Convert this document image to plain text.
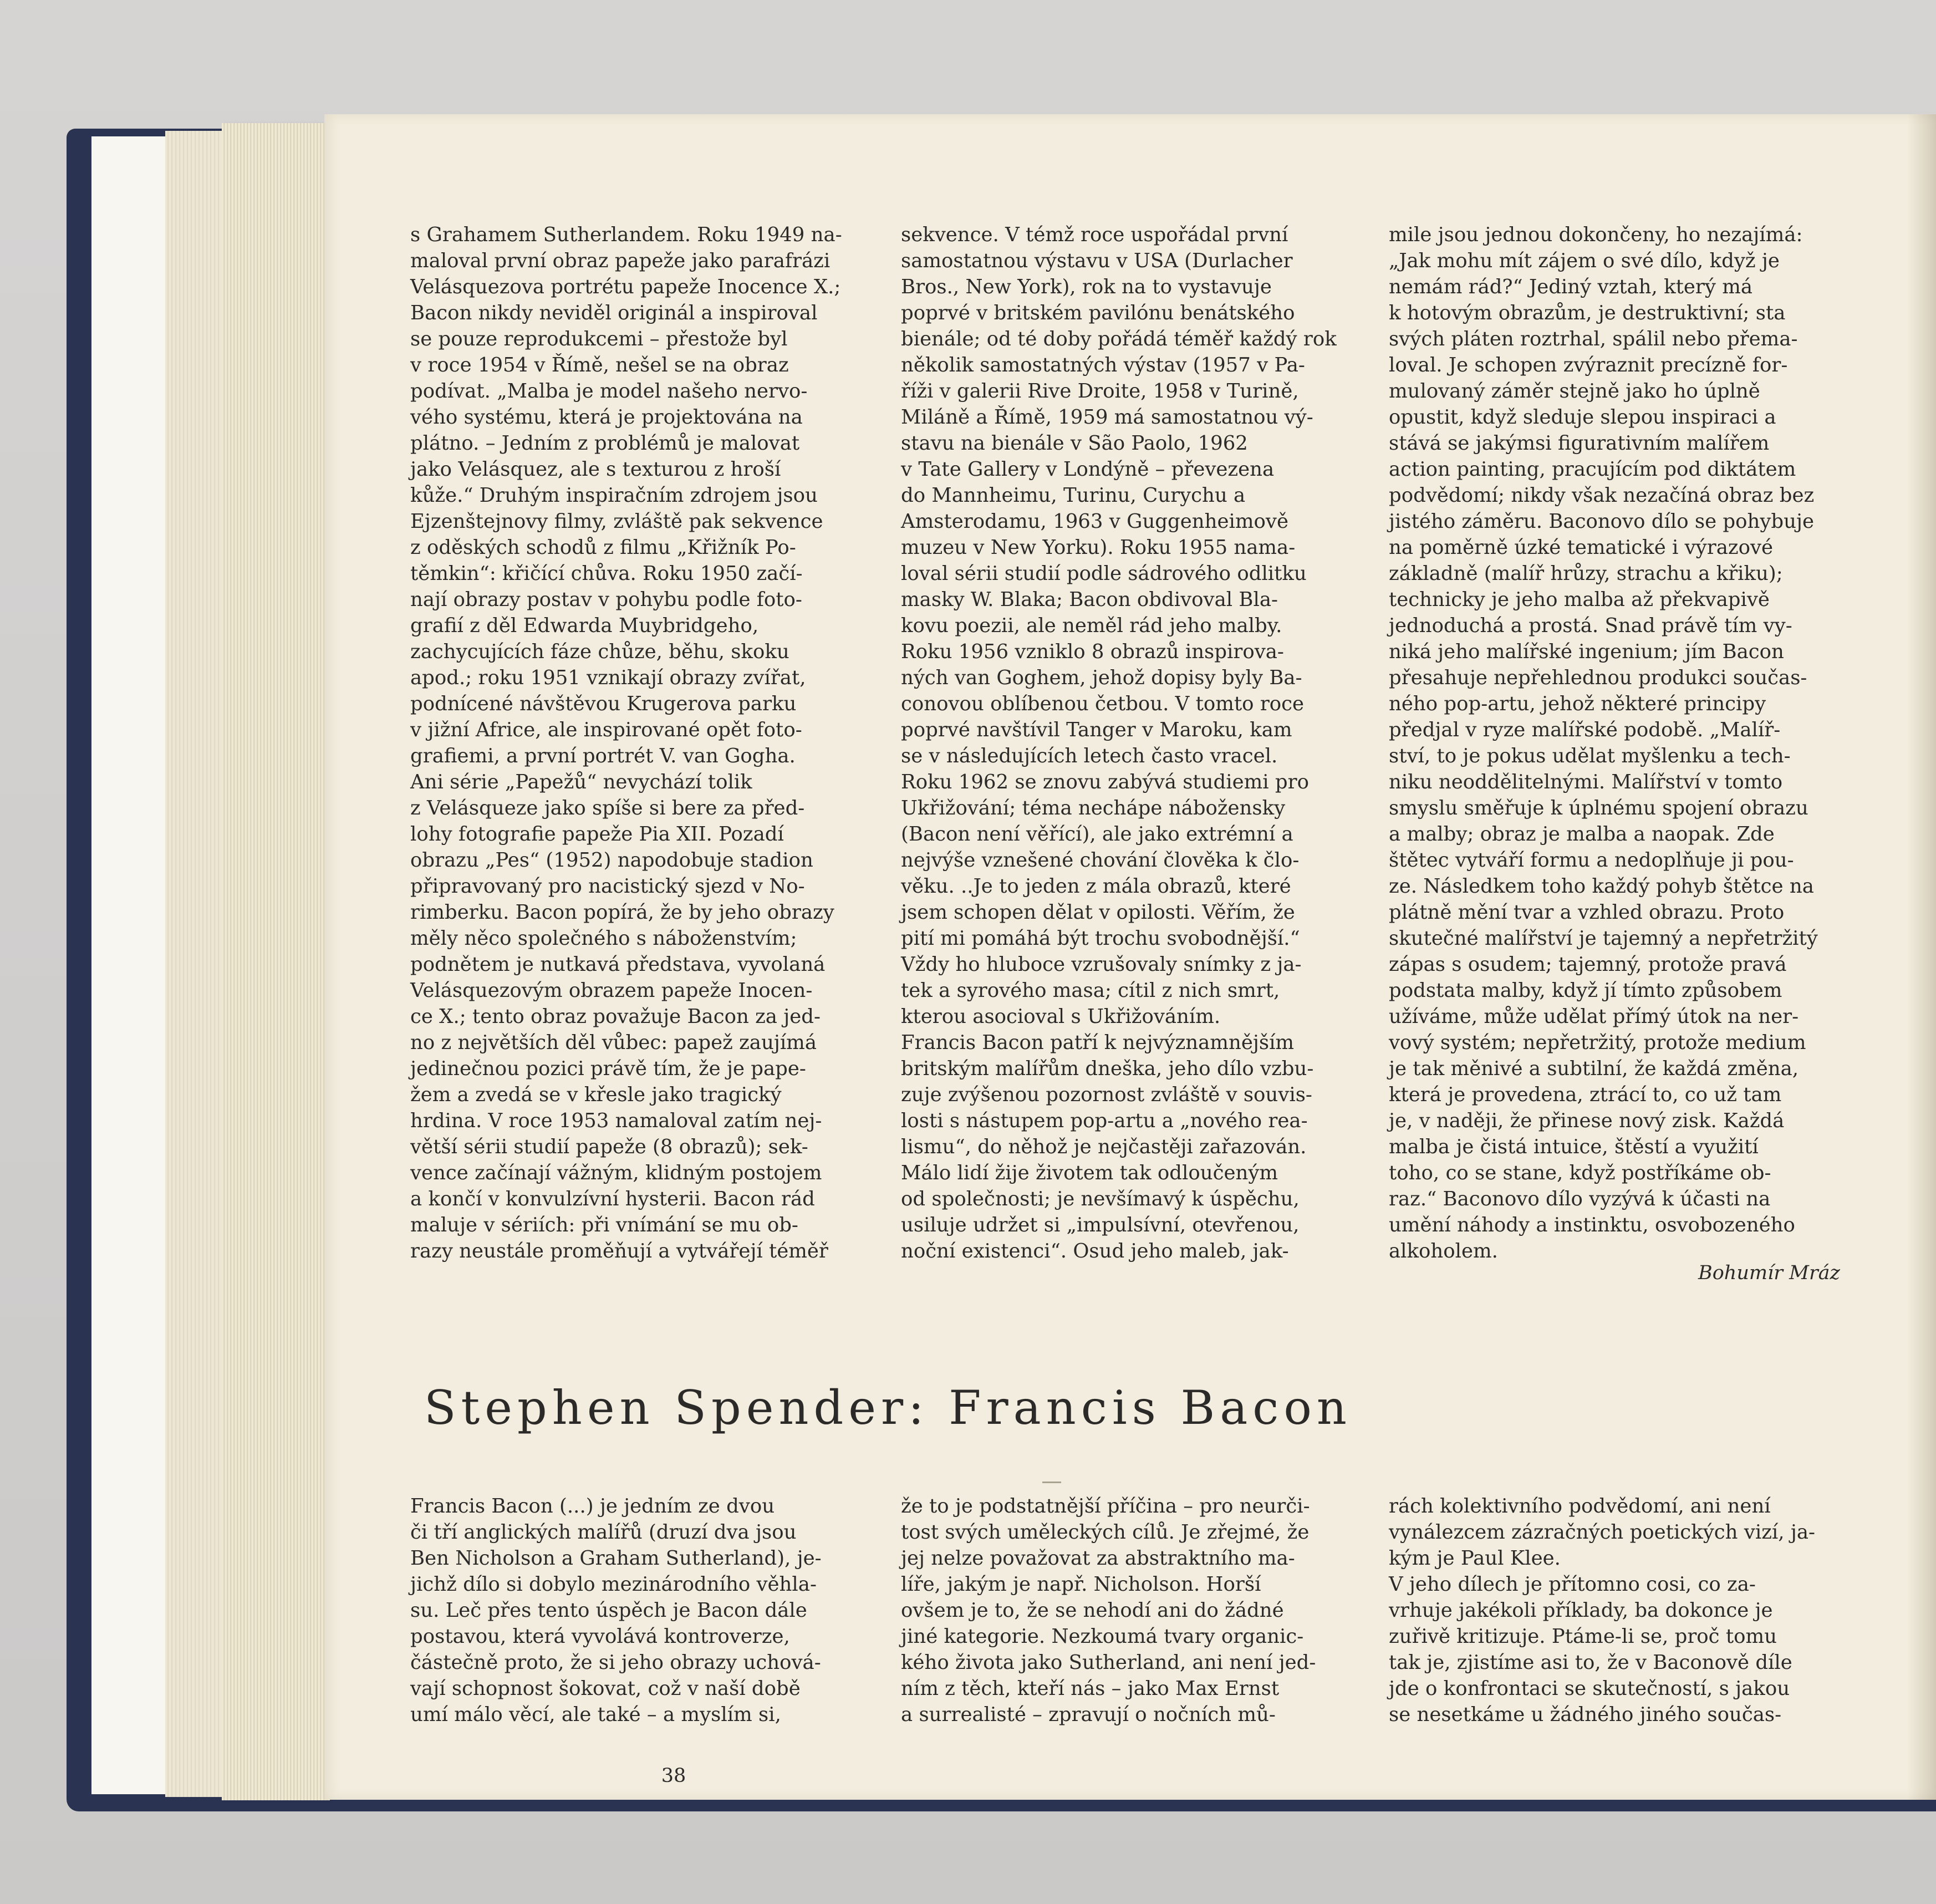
s Grahamem Sutherlandem. Roku 1949 na-
maloval první obraz papeže jako parafrázi
Velásquezova portrétu papeže Inocence X.;
Bacon nikdy neviděl originál a inspiroval
se pouze reprodukcemi – přestože byl
v roce 1954 v Římě, nešel se na obraz
podívat. „Malba je model našeho nervo-
vého systému, která je projektována na
plátno. – Jedním z problémů je malovat
jako Velásquez, ale s texturou z hroší
kůže.“ Druhým inspiračním zdrojem jsou
Ejzenštejnovy filmy, zvláště pak sekvence
z oděských schodů z filmu „Křižník Po-
těmkin“: křičící chůva. Roku 1950 začí-
nají obrazy postav v pohybu podle foto-
grafií z děl Edwarda Muybridgeho,
zachycujících fáze chůze, běhu, skoku
apod.; roku 1951 vznikají obrazy zvířat,
podnícené návštěvou Krugerova parku
v jižní Africe, ale inspirované opět foto-
grafiemi, a první portrét V. van Gogha.
Ani série „Papežů“ nevychází tolik
z Velásqueze jako spíše si bere za před-
lohy fotografie papeže Pia XII. Pozadí
obrazu „Pes“ (1952) napodobuje stadion
připravovaný pro nacistický sjezd v No-
rimberku. Bacon popírá, že by jeho obrazy
měly něco společného s náboženstvím;
podnětem je nutkavá představa, vyvolaná
Velásquezovým obrazem papeže Inocen-
ce X.; tento obraz považuje Bacon za jed-
no z největších děl vůbec: papež zaujímá
jedinečnou pozici právě tím, že je pape-
žem a zvedá se v křesle jako tragický
hrdina. V roce 1953 namaloval zatím nej-
větší sérii studií papeže (8 obrazů); sek-
vence začínají vážným, klidným postojem
a končí v konvulzívní hysterii. Bacon rád
maluje v sériích: při vnímání se mu ob-
razy neustále proměňují a vytvářejí téměř
sekvence. V témž roce uspořádal první
samostatnou výstavu v USA (Durlacher
Bros., New York), rok na to vystavuje
poprvé v britském pavilónu benátského
bienále; od té doby pořádá téměř každý rok
několik samostatných výstav (1957 v Pa-
říži v galerii Rive Droite, 1958 v Turině,
Miláně a Římě, 1959 má samostatnou vý-
stavu na bienále v São Paolo, 1962
v Tate Gallery v Londýně – převezena
do Mannheimu, Turinu, Curychu a
Amsterodamu, 1963 v Guggenheimově
muzeu v New Yorku). Roku 1955 nama-
loval sérii studií podle sádrového odlitku
masky W. Blaka; Bacon obdivoval Bla-
kovu poezii, ale neměl rád jeho malby.
Roku 1956 vzniklo 8 obrazů inspirova-
ných van Goghem, jehož dopisy byly Ba-
conovou oblíbenou četbou. V tomto roce
poprvé navštívil Tanger v Maroku, kam
se v následujících letech často vracel.
Roku 1962 se znovu zabývá studiemi pro
Ukřižování; téma nechápe nábožensky
(Bacon není věřící), ale jako extrémní a
nejvýše vznešené chování člověka k člo-
věku. ..Je to jeden z mála obrazů, které
jsem schopen dělat v opilosti. Věřím, že
pití mi pomáhá být trochu svobodnější.“
Vždy ho hluboce vzrušovaly snímky z ja-
tek a syrového masa; cítil z nich smrt,
kterou asocioval s Ukřižováním.
Francis Bacon patří k nejvýznamnějším
britským malířům dneška, jeho dílo vzbu-
zuje zvýšenou pozornost zvláště v souvis-
losti s nástupem pop-artu a „nového rea-
lismu“, do něhož je nejčastěji zařazován.
Málo lidí žije životem tak odloučeným
od společnosti; je nevšímavý k úspěchu,
usiluje udržet si „impulsívní, otevřenou,
noční existenci“. Osud jeho maleb, jak-
mile jsou jednou dokončeny, ho nezajímá:
„Jak mohu mít zájem o své dílo, když je
nemám rád?“ Jediný vztah, který má
k hotovým obrazům, je destruktivní; sta
svých pláten roztrhal, spálil nebo přema-
loval. Je schopen zvýraznit precízně for-
mulovaný záměr stejně jako ho úplně
opustit, když sleduje slepou inspiraci a
stává se jakýmsi figurativním malířem
action painting, pracujícím pod diktátem
podvědomí; nikdy však nezačíná obraz bez
jistého záměru. Baconovo dílo se pohybuje
na poměrně úzké tematické i výrazové
základně (malíř hrůzy, strachu a křiku);
technicky je jeho malba až překvapivě
jednoduchá a prostá. Snad právě tím vy-
niká jeho malířské ingenium; jím Bacon
přesahuje nepřehlednou produkci součas-
ného pop-artu, jehož některé principy
předjal v ryze malířské podobě. „Malíř-
ství, to je pokus udělat myšlenku a tech-
niku neoddělitelnými. Malířství v tomto
smyslu směřuje k úplnému spojení obrazu
a malby; obraz je malba a naopak. Zde
štětec vytváří formu a nedoplňuje ji pou-
ze. Následkem toho každý pohyb štětce na
plátně mění tvar a vzhled obrazu. Proto
skutečné malířství je tajemný a nepřetržitý
zápas s osudem; tajemný, protože pravá
podstata malby, když jí tímto způsobem
užíváme, může udělat přímý útok na ner-
vový systém; nepřetržitý, protože medium
je tak měnivé a subtilní, že každá změna,
která je provedena, ztrácí to, co už tam
je, v naději, že přinese nový zisk. Každá
malba je čistá intuice, štěstí a využití
toho, co se stane, když postříkáme ob-
raz.“ Baconovo dílo vyzývá k účasti na
umění náhody a instinktu, osvobozeného
alkoholem.
Bohumír Mráz
Stephen Spender: Francis Bacon
Francis Bacon (...) je jedním ze dvou
či tří anglických malířů (druzí dva jsou
Ben Nicholson a Graham Sutherland), je-
jichž dílo si dobylo mezinárodního věhla-
su. Leč přes tento úspěch je Bacon dále
postavou, která vyvolává kontroverze,
částečně proto, že si jeho obrazy uchová-
vají schopnost šokovat, což v naší době
umí málo věcí, ale také – a myslím si,
že to je podstatnější příčina – pro neurči-
tost svých uměleckých cílů. Je zřejmé, že
jej nelze považovat za abstraktního ma-
líře, jakým je např. Nicholson. Horší
ovšem je to, že se nehodí ani do žádné
jiné kategorie. Nezkoumá tvary organic-
kého života jako Sutherland, ani není jed-
ním z těch, kteří nás – jako Max Ernst
a surrealisté – zpravují o nočních mů-
rách kolektivního podvědomí, ani není
vynálezcem zázračných poetických vizí, ja-
kým je Paul Klee.
V jeho dílech je přítomno cosi, co za-
vrhuje jakékoli příklady, ba dokonce je
zuřivě kritizuje. Ptáme-li se, proč tomu
tak je, zjistíme asi to, že v Baconově díle
jde o konfrontaci se skutečností, s jakou
se nesetkáme u žádného jiného součas-
38
